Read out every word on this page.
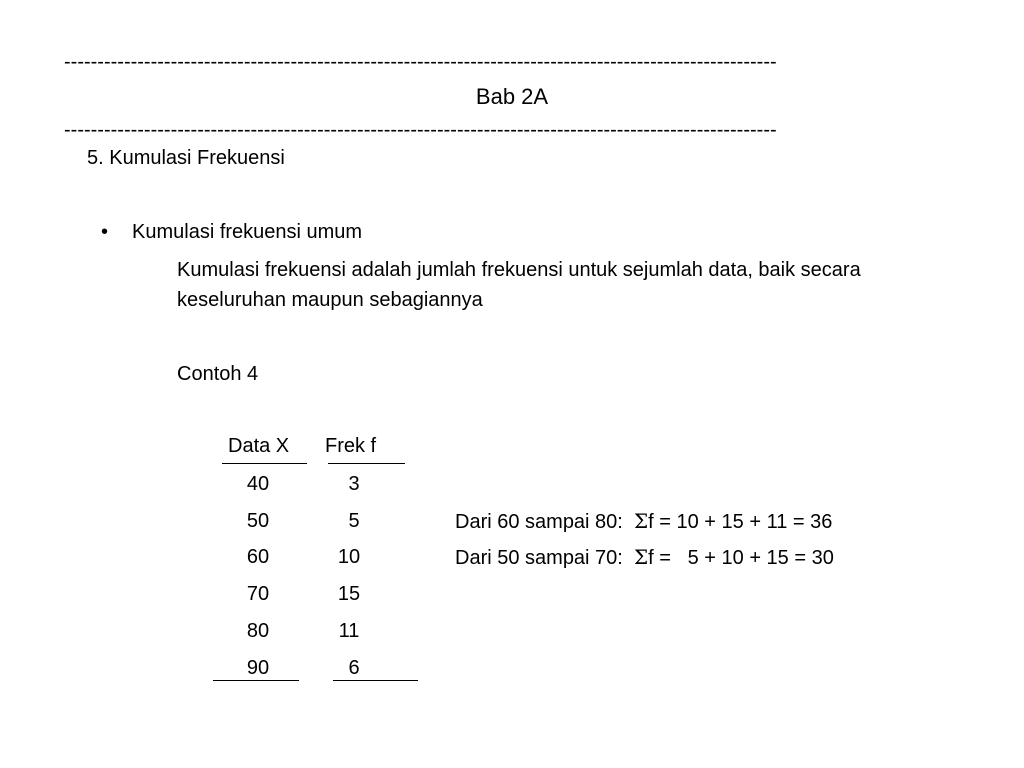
-----------------------------------------------------------------------------------------------------------
Bab 2A
-----------------------------------------------------------------------------------------------------------
5. Kumulasi Frekuensi
• Kumulasi frekuensi umum
Kumulasi frekuensi adalah jumlah frekuensi untuk sejumlah data, baik secara
keseluruhan maupun sebagiannya
Contoh 4
Data X Frek f
40	3
50	5
60	10
70	15
80	11
90	6
Dari 60 sampai 80: Σf = 10 + 15 + 11 = 36
Dari 50 sampai 70: Σf =   5 + 10 + 15 = 30
